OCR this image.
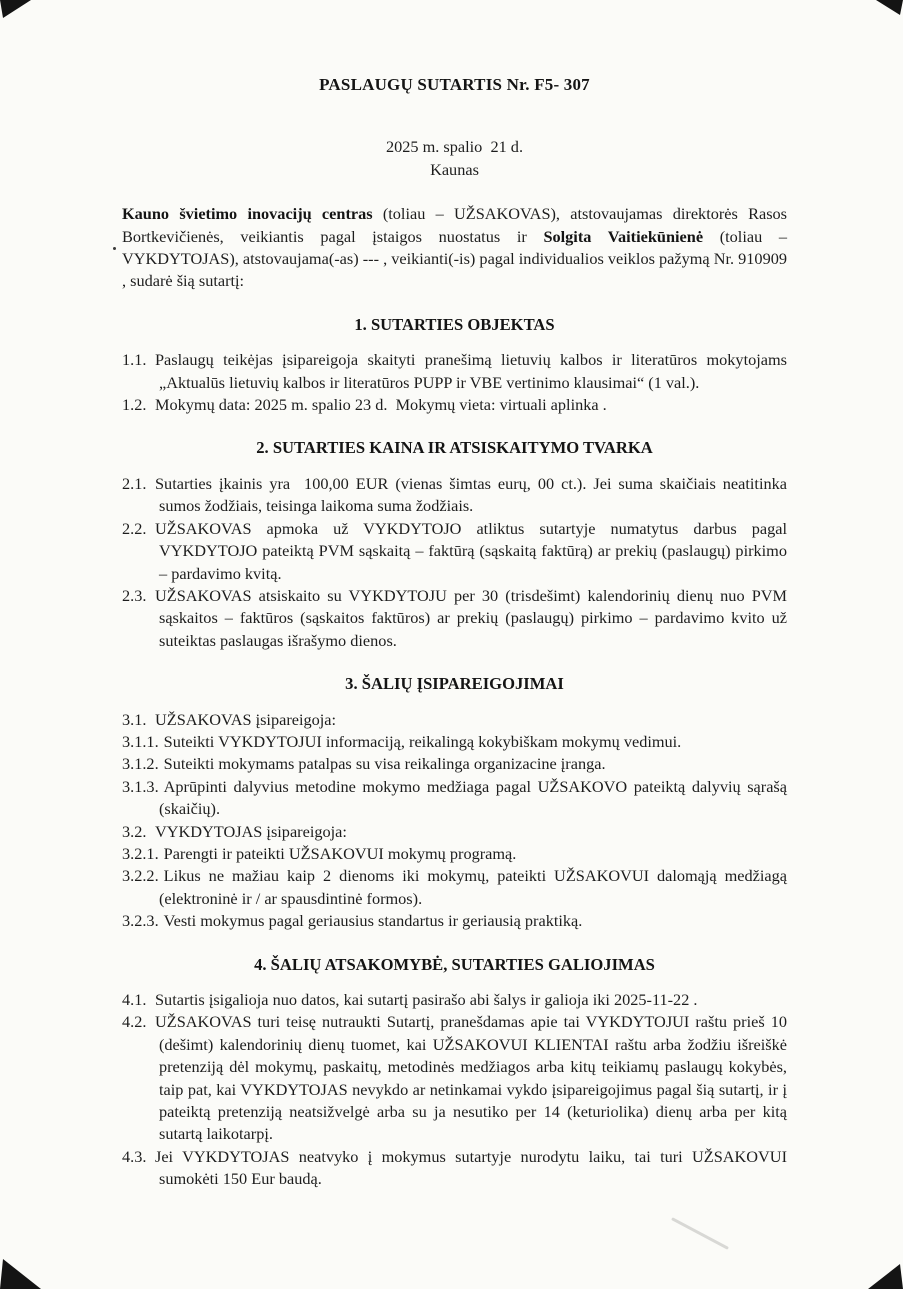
PASLAUGŲ SUTARTIS Nr. F5- 307

2025 m. spalio  21 d.

Kaunas

Kauno švietimo inovacijų centras (toliau – UŽSAKOVAS), atstovaujamas direktorės Rasos Bortkevičienės, veikiantis pagal įstaigos nuostatus ir Solgita Vaitiekūnienė (toliau – VYKDYTOJAS), atstovaujama(-as) --- , veikianti(-is) pagal individualios veiklos pažymą Nr. 910909 , sudarė šią sutartį:

1. SUTARTIES OBJEKTAS

1.1. Paslaugų teikėjas įsipareigoja skaityti pranešimą lietuvių kalbos ir literatūros mokytojams „Aktualūs lietuvių kalbos ir literatūros PUPP ir VBE vertinimo klausimai“ (1 val.).

1.2. Mokymų data: 2025 m. spalio 23 d.  Mokymų vieta: virtuali aplinka .

2. SUTARTIES KAINA IR ATSISKAITYMO TVARKA

2.1. Sutarties įkainis yra  100,00 EUR (vienas šimtas eurų, 00 ct.). Jei suma skaičiais neatitinka sumos žodžiais, teisinga laikoma suma žodžiais.

2.2. UŽSAKOVAS apmoka už VYKDYTOJO atliktus sutartyje numatytus darbus pagal VYKDYTOJO pateiktą PVM sąskaitą – faktūrą (sąskaitą faktūrą) ar prekių (paslaugų) pirkimo – pardavimo kvitą.

2.3. UŽSAKOVAS atsiskaito su VYKDYTOJU per 30 (trisdešimt) kalendorinių dienų nuo PVM sąskaitos – faktūros (sąskaitos faktūros) ar prekių (paslaugų) pirkimo – pardavimo kvito už suteiktas paslaugas išrašymo dienos.

3. ŠALIŲ ĮSIPAREIGOJIMAI

3.1. UŽSAKOVAS įsipareigoja:

3.1.1. Suteikti VYKDYTOJUI informaciją, reikalingą kokybiškam mokymų vedimui.

3.1.2. Suteikti mokymams patalpas su visa reikalinga organizacine įranga.

3.1.3. Aprūpinti dalyvius metodine mokymo medžiaga pagal UŽSAKOVO pateiktą dalyvių sąrašą (skaičių).

3.2. VYKDYTOJAS įsipareigoja:

3.2.1. Parengti ir pateikti UŽSAKOVUI mokymų programą.

3.2.2. Likus ne mažiau kaip 2 dienoms iki mokymų, pateikti UŽSAKOVUI dalomąją medžiagą (elektroninė ir / ar spausdintinė formos).

3.2.3. Vesti mokymus pagal geriausius standartus ir geriausią praktiką.

4. ŠALIŲ ATSAKOMYBĖ, SUTARTIES GALIOJIMAS

4.1. Sutartis įsigalioja nuo datos, kai sutartį pasirašo abi šalys ir galioja iki 2025-11-22 .

4.2. UŽSAKOVAS turi teisę nutraukti Sutartį, pranešdamas apie tai VYKDYTOJUI raštu prieš 10 (dešimt) kalendorinių dienų tuomet, kai UŽSAKOVUI KLIENTAI raštu arba žodžiu išreiškė pretenziją dėl mokymų, paskaitų, metodinės medžiagos arba kitų teikiamų paslaugų kokybės, taip pat, kai VYKDYTOJAS nevykdo ar netinkamai vykdo įsipareigojimus pagal šią sutartį, ir į pateiktą pretenziją neatsižvelgė arba su ja nesutiko per 14 (keturiolika) dienų arba per kitą sutartą laikotarpį.

4.3. Jei VYKDYTOJAS neatvyko į mokymus sutartyje nurodytu laiku, tai turi UŽSAKOVUI sumokėti 150 Eur baudą.
